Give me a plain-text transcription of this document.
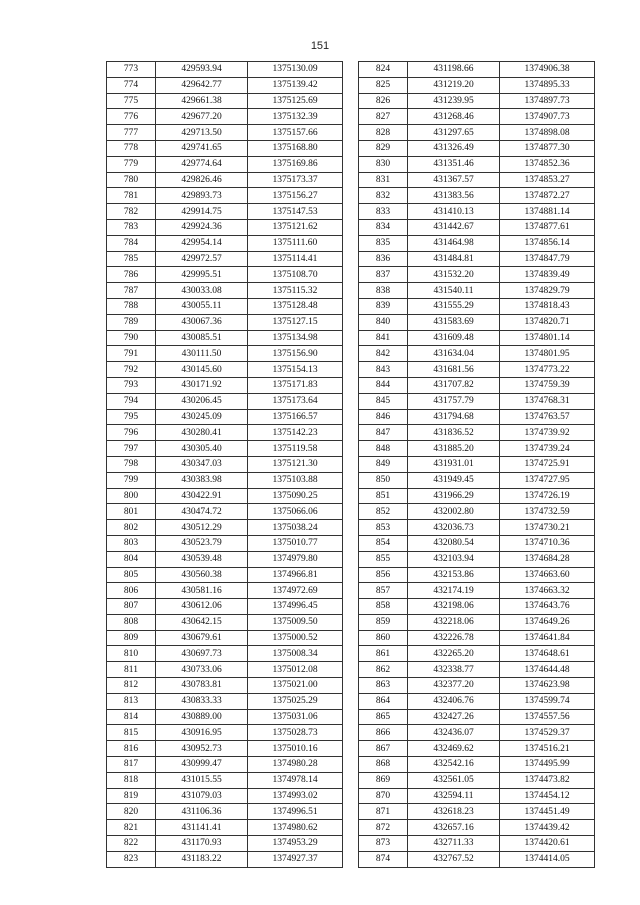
151
773	429593.94	1375130.09
774	429642.77	1375139.42
775	429661.38	1375125.69
776	429677.20	1375132.39
777	429713.50	1375157.66
778	429741.65	1375168.80
779	429774.64	1375169.86
780	429826.46	1375173.37
781	429893.73	1375156.27
782	429914.75	1375147.53
783	429924.36	1375121.62
784	429954.14	1375111.60
785	429972.57	1375114.41
786	429995.51	1375108.70
787	430033.08	1375115.32
788	430055.11	1375128.48
789	430067.36	1375127.15
790	430085.51	1375134.98
791	430111.50	1375156.90
792	430145.60	1375154.13
793	430171.92	1375171.83
794	430206.45	1375173.64
795	430245.09	1375166.57
796	430280.41	1375142.23
797	430305.40	1375119.58
798	430347.03	1375121.30
799	430383.98	1375103.88
800	430422.91	1375090.25
801	430474.72	1375066.06
802	430512.29	1375038.24
803	430523.79	1375010.77
804	430539.48	1374979.80
805	430560.38	1374966.81
806	430581.16	1374972.69
807	430612.06	1374996.45
808	430642.15	1375009.50
809	430679.61	1375000.52
810	430697.73	1375008.34
811	430733.06	1375012.08
812	430783.81	1375021.00
813	430833.33	1375025.29
814	430889.00	1375031.06
815	430916.95	1375028.73
816	430952.73	1375010.16
817	430999.47	1374980.28
818	431015.55	1374978.14
819	431079.03	1374993.02
820	431106.36	1374996.51
821	431141.41	1374980.62
822	431170.93	1374953.29
823	431183.22	1374927.37
824	431198.66	1374906.38
825	431219.20	1374895.33
826	431239.95	1374897.73
827	431268.46	1374907.73
828	431297.65	1374898.08
829	431326.49	1374877.30
830	431351.46	1374852.36
831	431367.57	1374853.27
832	431383.56	1374872.27
833	431410.13	1374881.14
834	431442.67	1374877.61
835	431464.98	1374856.14
836	431484.81	1374847.79
837	431532.20	1374839.49
838	431540.11	1374829.79
839	431555.29	1374818.43
840	431583.69	1374820.71
841	431609.48	1374801.14
842	431634.04	1374801.95
843	431681.56	1374773.22
844	431707.82	1374759.39
845	431757.79	1374768.31
846	431794.68	1374763.57
847	431836.52	1374739.92
848	431885.20	1374739.24
849	431931.01	1374725.91
850	431949.45	1374727.95
851	431966.29	1374726.19
852	432002.80	1374732.59
853	432036.73	1374730.21
854	432080.54	1374710.36
855	432103.94	1374684.28
856	432153.86	1374663.60
857	432174.19	1374663.32
858	432198.06	1374643.76
859	432218.06	1374649.26
860	432226.78	1374641.84
861	432265.20	1374648.61
862	432338.77	1374644.48
863	432377.20	1374623.98
864	432406.76	1374599.74
865	432427.26	1374557.56
866	432436.07	1374529.37
867	432469.62	1374516.21
868	432542.16	1374495.99
869	432561.05	1374473.82
870	432594.11	1374454.12
871	432618.23	1374451.49
872	432657.16	1374439.42
873	432711.33	1374420.61
874	432767.52	1374414.05
